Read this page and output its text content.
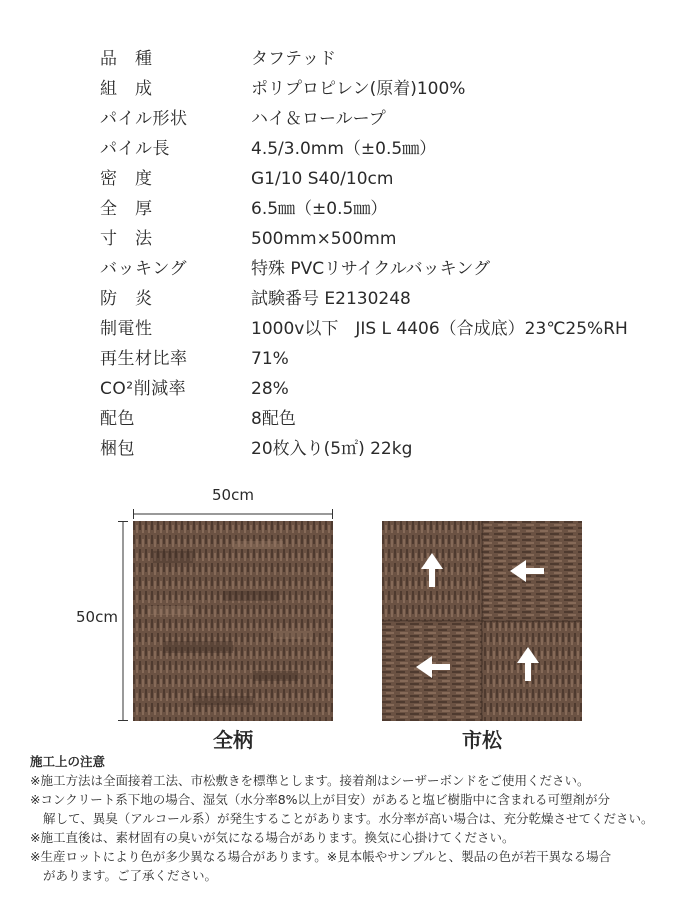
品　種	タフテッド
組　成	ポリプロピレン(原着)100%
パイル形状	ハイ＆ローループ
パイル長	4.5/3.0mm（±0.5㎜）
密　度	G1/10 S40/10cm
全　厚	6.5㎜（±0.5㎜）
寸　法	500mm×500mm
バッキング	特殊 PVCリサイクルバッキング
防　炎	試験番号 E2130248
制電性	1000v以下　JIS L 4406（合成底）23℃25%RH
再生材比率	71%
CO²削減率	28%
配色	8配色
梱包	20枚入り(5㎡) 22kg
50cm
50cm
全柄	市松
施工上の注意
※施工方法は全面接着工法、市松敷きを標準とします。接着剤はシーザーボンドをご使用ください。
※コンクリート系下地の場合、湿気（水分率8%以上が目安）があると塩ビ樹脂中に含まれる可塑剤が分
解して、異臭（アルコール系）が発生することがあります。水分率が高い場合は、充分乾燥させてください。
※施工直後は、素材固有の臭いが気になる場合があります。換気に心掛けてください。
※生産ロットにより色が多少異なる場合があります。※見本帳やサンプルと、製品の色が若干異なる場合
があります。ご了承ください。
